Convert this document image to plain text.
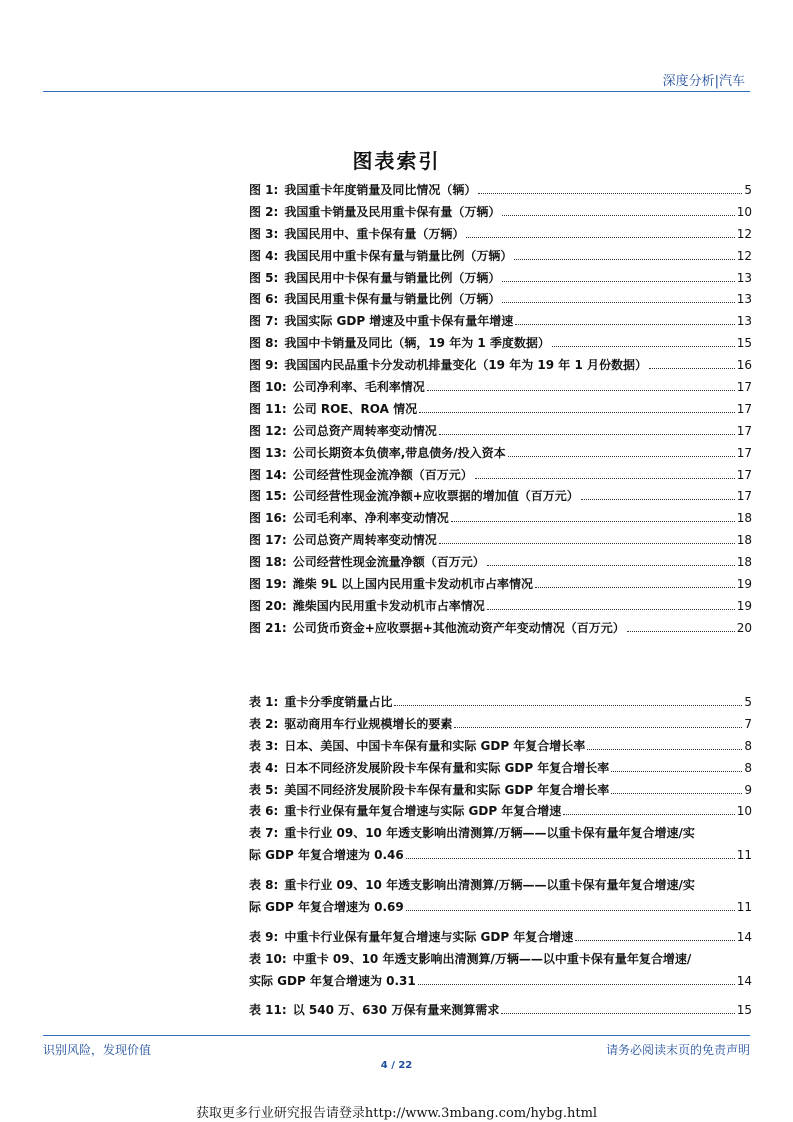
深度分析|汽车
图表索引
图 1: 我国重卡年度销量及同比情况（辆）	5
图 2: 我国重卡销量及民用重卡保有量（万辆）	10
图 3: 我国民用中、重卡保有量（万辆）	12
图 4: 我国民用中重卡保有量与销量比例（万辆）	12
图 5: 我国民用中卡保有量与销量比例（万辆）	13
图 6: 我国民用重卡保有量与销量比例（万辆）	13
图 7: 我国实际 GDP 增速及中重卡保有量年增速	13
图 8: 我国中卡销量及同比（辆，19 年为 1 季度数据）	15
图 9: 我国国内民品重卡分发动机排量变化（19 年为 19 年 1 月份数据）	16
图 10: 公司净利率、毛利率情况	17
图 11: 公司 ROE、ROA 情况	17
图 12: 公司总资产周转率变动情况	17
图 13: 公司长期资本负债率,带息债务/投入资本	17
图 14: 公司经营性现金流净额（百万元）	17
图 15: 公司经营性现金流净额+应收票据的增加值（百万元）	17
图 16: 公司毛利率、净利率变动情况	18
图 17: 公司总资产周转率变动情况	18
图 18: 公司经营性现金流量净额（百万元）	18
图 19: 潍柴 9L 以上国内民用重卡发动机市占率情况	19
图 20: 潍柴国内民用重卡发动机市占率情况	19
图 21: 公司货币资金+应收票据+其他流动资产年变动情况（百万元）	20
表 1: 重卡分季度销量占比	5
表 2: 驱动商用车行业规模增长的要素	7
表 3: 日本、美国、中国卡车保有量和实际 GDP 年复合增长率	8
表 4: 日本不同经济发展阶段卡车保有量和实际 GDP 年复合增长率	8
表 5: 美国不同经济发展阶段卡车保有量和实际 GDP 年复合增长率	9
表 6: 重卡行业保有量年复合增速与实际 GDP 年复合增速	10
表 7: 重卡行业 09、10 年透支影响出清测算/万辆——以重卡保有量年复合增速/实
际 GDP 年复合增速为 0.46	11
表 8: 重卡行业 09、10 年透支影响出清测算/万辆——以重卡保有量年复合增速/实
际 GDP 年复合增速为 0.69	11
表 9: 中重卡行业保有量年复合增速与实际 GDP 年复合增速	14
表 10: 中重卡 09、10 年透支影响出清测算/万辆——以中重卡保有量年复合增速/
实际 GDP 年复合增速为 0.31	14
表 11: 以 540 万、630 万保有量来测算需求	15
识别风险，发现价值	请务必阅读末页的免责声明
4 / 22
获取更多行业研究报告请登录http://www.3mbang.com/hybg.html
